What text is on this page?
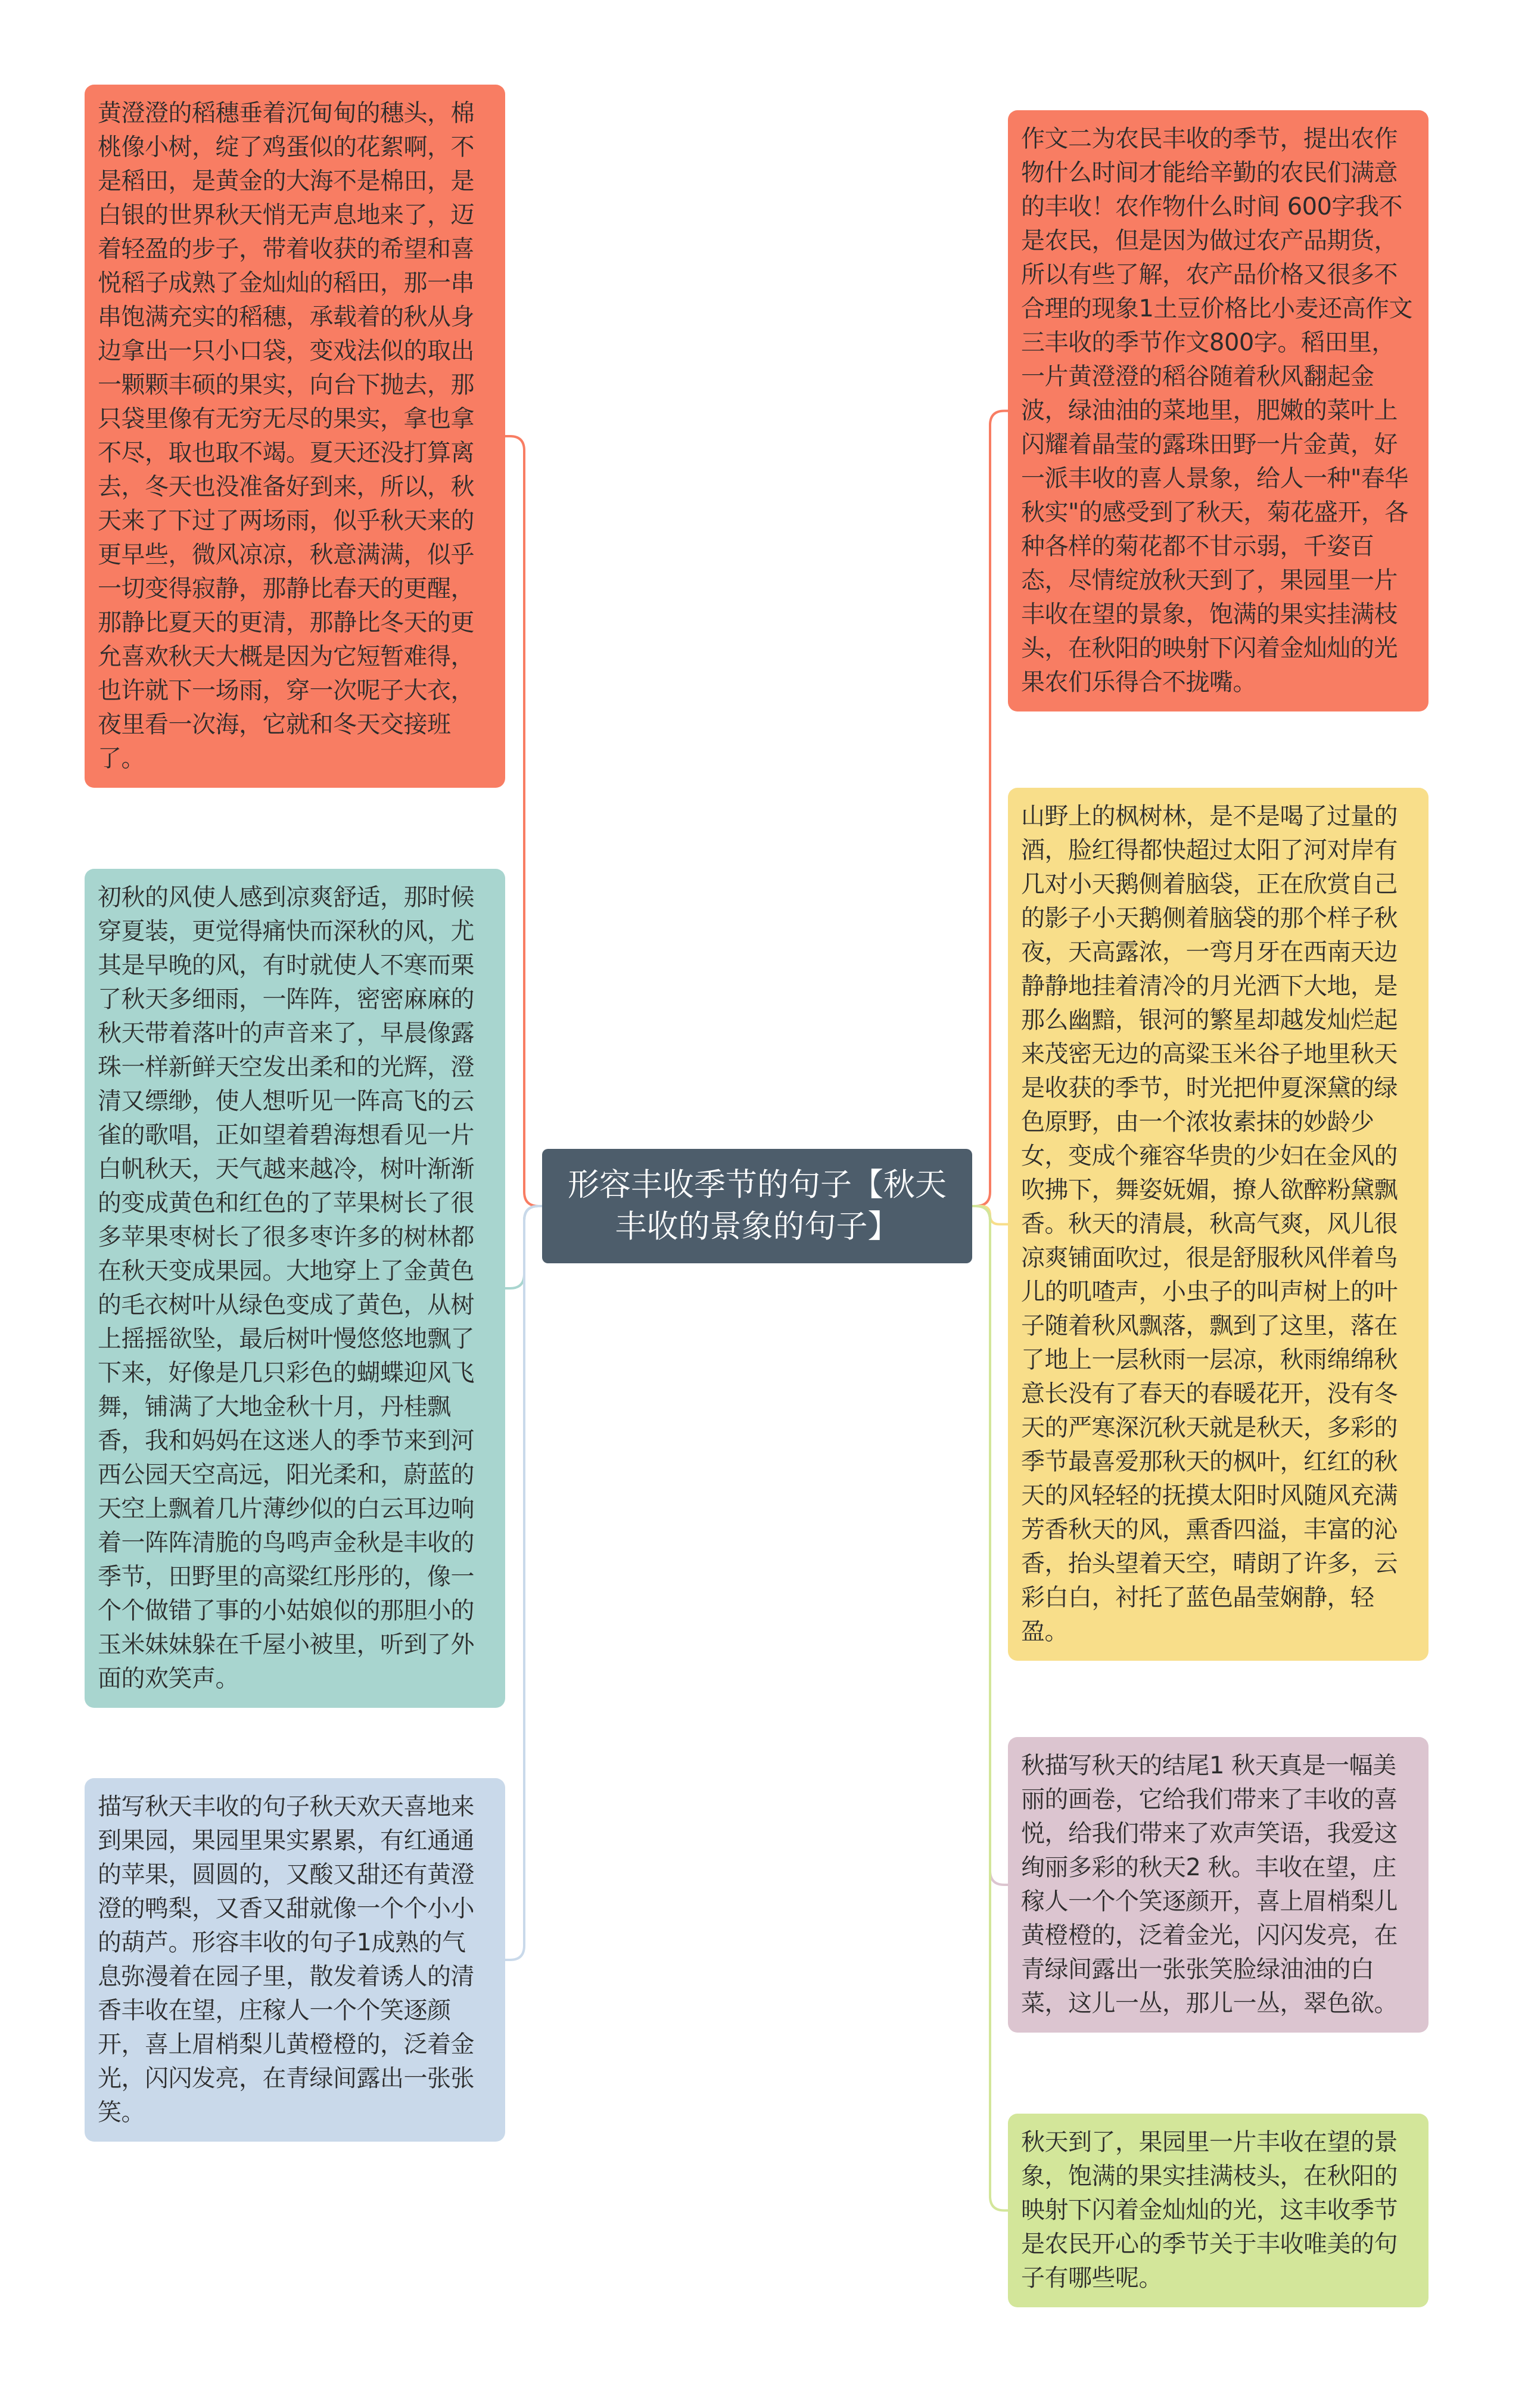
形容丰收季节的句子【秋天丰收的景象的句子】
黄澄澄的稻穗垂着沉甸甸的穗头，棉桃像小树，绽了鸡蛋似的花絮啊，不是稻田，是黄金的大海不是棉田，是白银的世界秋天悄无声息地来了，迈着轻盈的步子，带着收获的希望和喜悦稻子成熟了金灿灿的稻田，那一串串饱满充实的稻穗，承载着的秋从身边拿出一只小口袋，变戏法似的取出一颗颗丰硕的果实，向台下抛去，那只袋里像有无穷无尽的果实，拿也拿不尽，取也取不竭。夏天还没打算离去，冬天也没准备好到来，所以，秋天来了下过了两场雨，似乎秋天来的更早些，微风凉凉，秋意满满，似乎一切变得寂静，那静比春天的更醒，那静比夏天的更清，那静比冬天的更允喜欢秋天大概是因为它短暂难得，也许就下一场雨，穿一次呢子大衣，夜里看一次海，它就和冬天交接班了。
初秋的风使人感到凉爽舒适，那时候穿夏装，更觉得痛快而深秋的风，尤其是早晚的风，有时就使人不寒而栗了秋天多细雨，一阵阵，密密麻麻的秋天带着落叶的声音来了，早晨像露珠一样新鲜天空发出柔和的光辉，澄清又缥缈，使人想听见一阵高飞的云雀的歌唱，正如望着碧海想看见一片白帆秋天，天气越来越冷，树叶渐渐的变成黄色和红色的了苹果树长了很多苹果枣树长了很多枣许多的树林都在秋天变成果园。大地穿上了金黄色的毛衣树叶从绿色变成了黄色，从树上摇摇欲坠，最后树叶慢悠悠地飘了下来，好像是几只彩色的蝴蝶迎风飞舞，铺满了大地金秋十月，丹桂飘香，我和妈妈在这迷人的季节来到河西公园天空高远，阳光柔和，蔚蓝的天空上飘着几片薄纱似的白云耳边响着一阵阵清脆的鸟鸣声金秋是丰收的季节，田野里的高粱红彤彤的，像一个个做错了事的小姑娘似的那胆小的玉米妹妹躲在千屋小被里，听到了外面的欢笑声。
描写秋天丰收的句子秋天欢天喜地来到果园，果园里果实累累，有红通通的苹果，圆圆的，又酸又甜还有黄澄澄的鸭梨，又香又甜就像一个个小小的葫芦。形容丰收的句子1成熟的气息弥漫着在园子里，散发着诱人的清香丰收在望，庄稼人一个个笑逐颜开，喜上眉梢梨儿黄橙橙的，泛着金光，闪闪发亮，在青绿间露出一张张笑。
作文二为农民丰收的季节，提出农作物什么时间才能给辛勤的农民们满意的丰收！农作物什么时间 600字我不是农民，但是因为做过农产品期货，所以有些了解，农产品价格又很多不合理的现象1土豆价格比小麦还高作文三丰收的季节作文800字。稻田里，一片黄澄澄的稻谷随着秋风翻起金波，绿油油的菜地里，肥嫩的菜叶上闪耀着晶莹的露珠田野一片金黄，好一派丰收的喜人景象，给人一种"春华秋实"的感受到了秋天，菊花盛开，各种各样的菊花都不甘示弱，千姿百态，尽情绽放秋天到了，果园里一片丰收在望的景象，饱满的果实挂满枝头，在秋阳的映射下闪着金灿灿的光果农们乐得合不拢嘴。
山野上的枫树林，是不是喝了过量的酒，脸红得都快超过太阳了河对岸有几对小天鹅侧着脑袋，正在欣赏自己的影子小天鹅侧着脑袋的那个样子秋夜，天高露浓，一弯月牙在西南天边静静地挂着清冷的月光洒下大地，是那么幽黯，银河的繁星却越发灿烂起来茂密无边的高粱玉米谷子地里秋天是收获的季节，时光把仲夏深黛的绿色原野，由一个浓妆素抹的妙龄少女，变成个雍容华贵的少妇在金风的吹拂下，舞姿妩媚，撩人欲醉粉黛飘香。秋天的清晨，秋高气爽，风儿很凉爽铺面吹过，很是舒服秋风伴着鸟儿的叽喳声，小虫子的叫声树上的叶子随着秋风飘落，飘到了这里，落在了地上一层秋雨一层凉，秋雨绵绵秋意长没有了春天的春暖花开，没有冬天的严寒深沉秋天就是秋天，多彩的季节最喜爱那秋天的枫叶，红红的秋天的风轻轻的抚摸太阳时风随风充满芳香秋天的风，熏香四溢，丰富的沁香，抬头望着天空，晴朗了许多，云彩白白，衬托了蓝色晶莹娴静，轻盈。
秋描写秋天的结尾1 秋天真是一幅美丽的画卷，它给我们带来了丰收的喜悦，给我们带来了欢声笑语，我爱这绚丽多彩的秋天2 秋。丰收在望，庄稼人一个个笑逐颜开，喜上眉梢梨儿黄橙橙的，泛着金光，闪闪发亮，在青绿间露出一张张笑脸绿油油的白菜，这儿一丛，那儿一丛，翠色欲。
秋天到了，果园里一片丰收在望的景象，饱满的果实挂满枝头，在秋阳的映射下闪着金灿灿的光，这丰收季节是农民开心的季节关于丰收唯美的句子有哪些呢。
